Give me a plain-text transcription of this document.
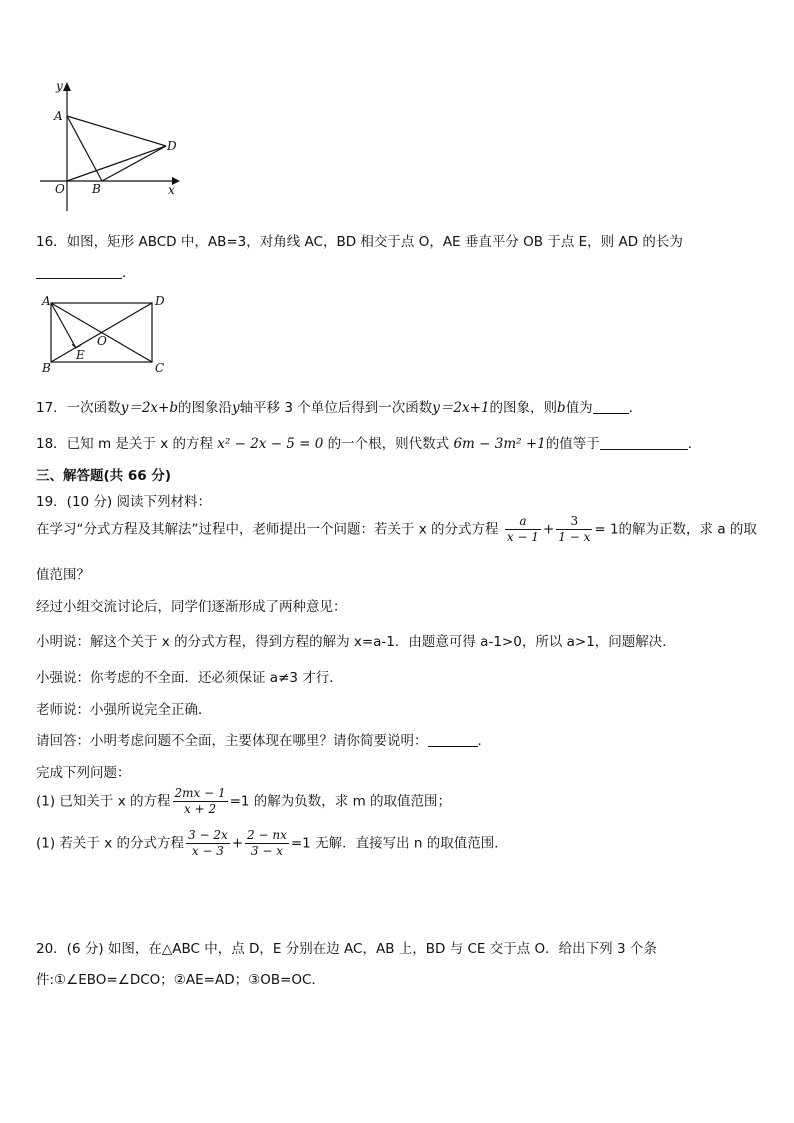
y
x
A
D
O B
16．如图，矩形 ABCD 中，AB=3，对角线 AC，BD 相交于点 O，AE 垂直平分 OB 于点 E，则 AD 的长为
．
A	D
B	C
O
E
17．一次函数y＝2x+b的图象沿y轴平移 3 个单位后得到一次函数y＝2x+1的图象，则b值为	．
18．已知 m 是关于 x 的方程 x² − 2x − 5 = 0 的一个根，则代数式 6m − 3m² +1的值等于	．
三、解答题(共 66 分)
19．(10 分) 阅读下列材料：
在学习“分式方程及其解法”过程中，老师提出一个问题：若关于 x 的分式方程 $\frac{a}{x - 1} + \frac{3}{1 - x} = 1$的解为正数，求 a 的取
值范围？
经过小组交流讨论后，同学们逐渐形成了两种意见：
小明说：解这个关于 x 的分式方程，得到方程的解为 x=a-1．由题意可得 a-1>0，所以 a>1，问题解决．
小强说：你考虑的不全面．还必须保证 a≠3 才行．
老师说：小强所说完全正确．
请回答：小明考虑问题不全面，主要体现在哪里？请你简要说明：	．
完成下列问题：
(1) 已知关于 x 的方程 $\frac{2mx - 1}{x + 2} =1$ 的解为负数，求 m 的取值范围；
(1) 若关于 x 的分式方程 $\frac{3 - 2x}{x - 3} + \frac{2 - nx}{3 - x} =1$ 无解．直接写出 n 的取值范围．
20．(6 分) 如图，在△ABC 中，点 D，E 分别在边 AC，AB 上，BD 与 CE 交于点 O．给出下列 3 个条
件:①∠EBO=∠DCO；②AE=AD；③OB=OC．
